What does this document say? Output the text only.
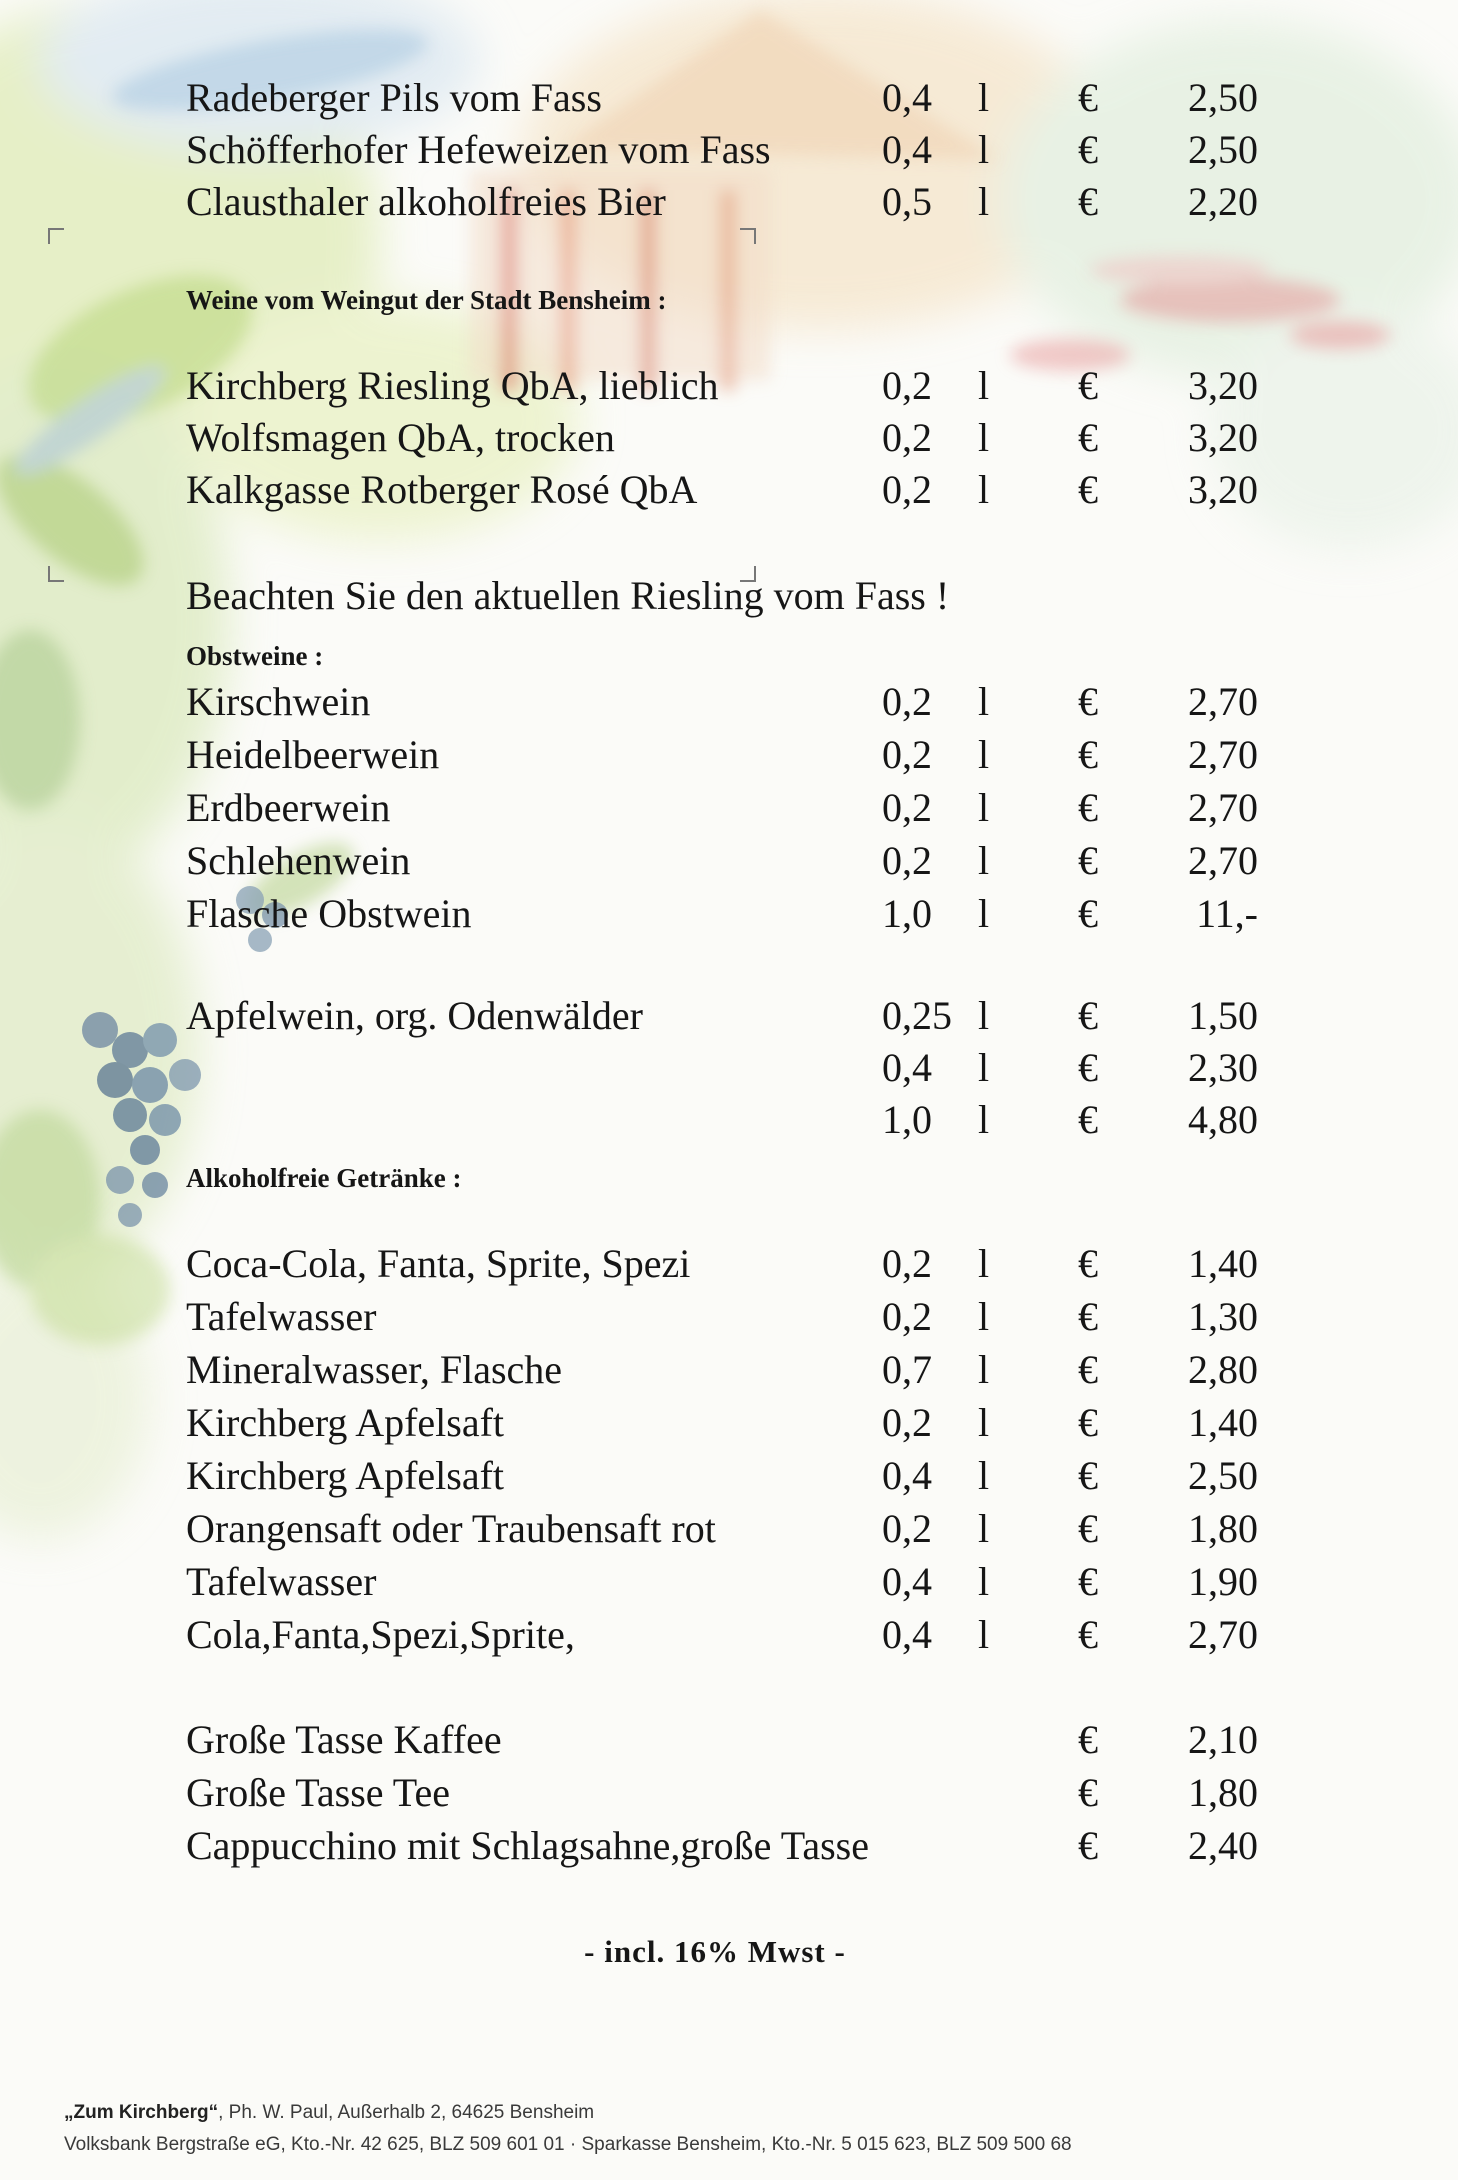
Radeberger Pils vom Fass	0,4 l €	2,50
Schöfferhofer Hefeweizen vom Fass	0,4 l €	2,50
Clausthaler alkoholfreies Bier	0,5 l €	2,20
Weine vom Weingut der Stadt Bensheim :
Kirchberg Riesling QbA, lieblich	0,2 l €	3,20
Wolfsmagen QbA, trocken	0,2 l €	3,20
Kalkgasse Rotberger Rosé QbA	0,2 l €	3,20
Beachten Sie den aktuellen Riesling vom Fass !
Obstweine :
Kirschwein	0,2 l €	2,70
Heidelbeerwein	0,2 l €	2,70
Erdbeerwein	0,2 l €	2,70
Schlehenwein	0,2 l €	2,70
Flasche Obstwein	1,0 l €	11,-
Apfelwein, org. Odenwälder	0,25 l €	1,50
0,4 l €	2,30
1,0 l €	4,80
Alkoholfreie Getränke :
Coca-Cola, Fanta, Sprite, Spezi	0,2 l €	1,40
Tafelwasser	0,2 l €	1,30
Mineralwasser, Flasche	0,7 l €	2,80
Kirchberg Apfelsaft	0,2 l €	1,40
Kirchberg Apfelsaft	0,4 l €	2,50
Orangensaft oder Traubensaft rot	0,2 l €	1,80
Tafelwasser	0,4 l €	1,90
Cola,Fanta,Spezi,Sprite,	0,4 l €	2,70
Große Tasse Kaffee	€	2,10
Große Tasse Tee	€	1,80
Cappucchino mit Schlagsahne,große Tasse	€	2,40
- incl. 16% Mwst -
„Zum Kirchberg“, Ph. W. Paul, Außerhalb 2, 64625 Bensheim
Volksbank Bergstraße eG, Kto.-Nr. 42 625, BLZ 509 601 01 · Sparkasse Bensheim, Kto.-Nr. 5 015 623, BLZ 509 500 68
